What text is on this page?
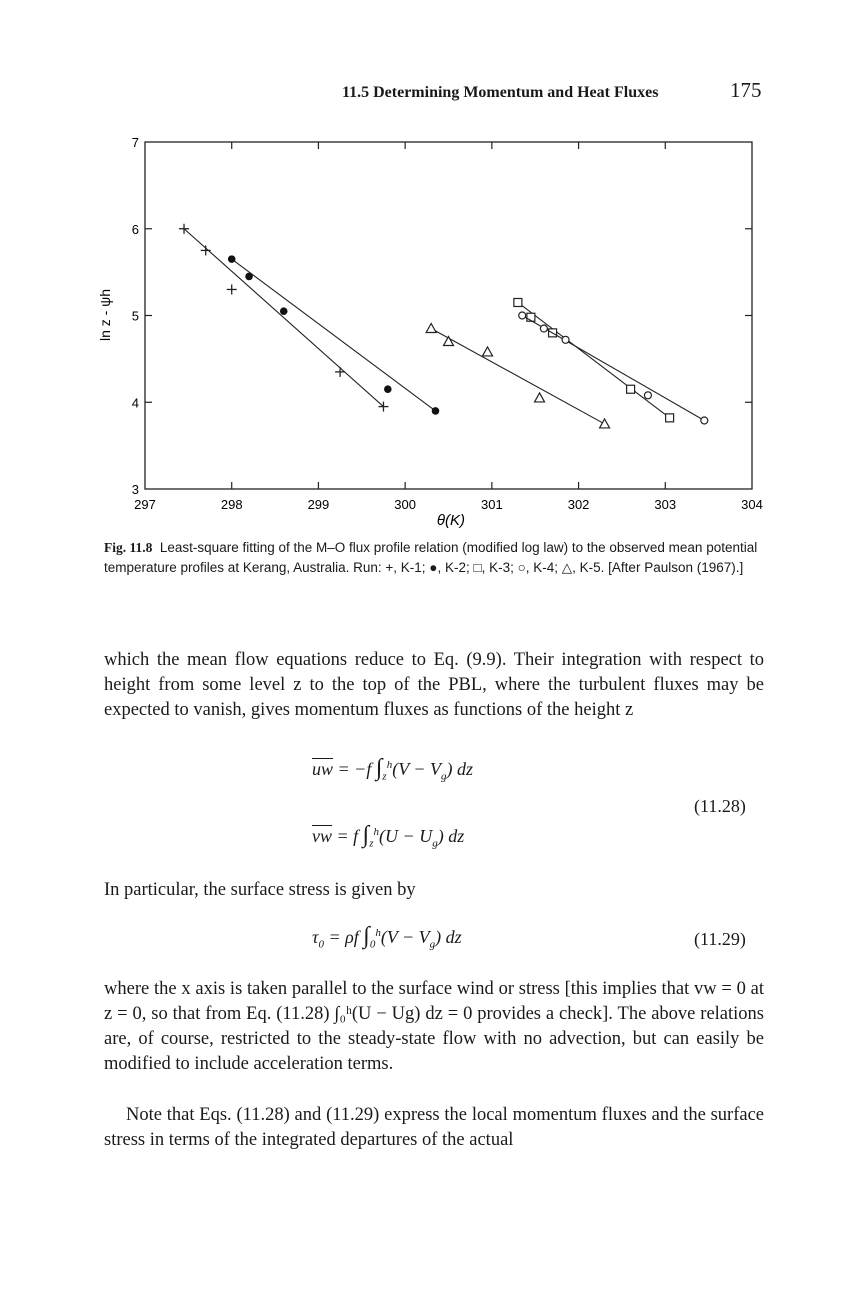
11.5 Determining Momentum and Heat Fluxes	175
297	298	299	300	301	302	303	304
3
4
5
6
7
θ(K)
ln z - ψh
Fig. 11.8 Least-square fitting of the M–O flux profile relation (modified log law) to the observed mean potential temperature profiles at Kerang, Australia. Run: +, K-1; ●, K-2; □, K-3; ○, K-4; △, K-5. [After Paulson (1967).]
which the mean flow equations reduce to Eq. (9.9). Their integration with respect to height from some level z to the top of the PBL, where the turbulent fluxes may be expected to vanish, gives momentum fluxes as functions of the height z
$\overline{uw} = -f$ $\int_z^h(V - V_g)$ dz
$\overline{vw} = f$ $\int_z^h(U - U_g)$ dz
(11.28)
In particular, the surface stress is given by
$\tau_0 = \rho f$ $\int_0^h(V - V_g)$ dz	(11.29)
where the x axis is taken parallel to the surface wind or stress [this implies that vw = 0 at z = 0, so that from Eq. (11.28) ∫₀ʰ(U − Ug) dz = 0 provides a check]. The above relations are, of course, restricted to the steady-state flow with no advection, but can easily be modified to include acceleration terms.
Note that Eqs. (11.28) and (11.29) express the local momentum fluxes and the surface stress in terms of the integrated departures of the actual
